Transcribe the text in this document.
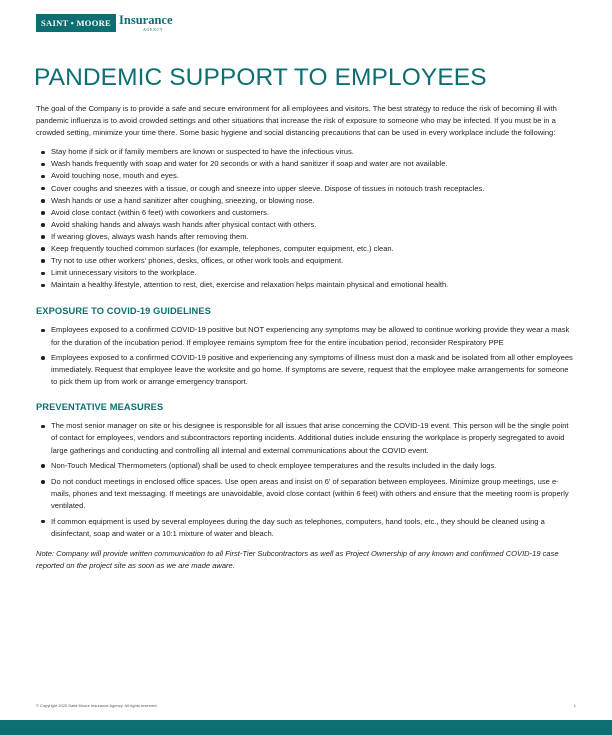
SAINT • MOORE Insurance
AGENCY
PANDEMIC SUPPORT TO EMPLOYEES

The goal of the Company is to provide a safe and secure environment for all employees and visitors. The best strategy to reduce the risk of becoming ill with pandemic influenza is to avoid crowded settings and other situations that increase the risk of exposure to someone who may be infected. If you must be in a crowded setting, minimize your time there. Some basic hygiene and social distancing precautions that can be used in every workplace include the following:

Stay home if sick or if family members are known or suspected to have the infectious virus.
Wash hands frequently with soap and water for 20 seconds or with a hand sanitizer if soap and water are not available.
Avoid touching nose, mouth and eyes.
Cover coughs and sneezes with a tissue, or cough and sneeze into upper sleeve. Dispose of tissues in notouch trash receptacles.
Wash hands or use a hand sanitizer after coughing, sneezing, or blowing nose.
Avoid close contact (within 6 feet) with coworkers and customers.
Avoid shaking hands and always wash hands after physical contact with others.
If wearing gloves, always wash hands after removing them.
Keep frequently touched common surfaces (for example, telephones, computer equipment, etc.) clean.
Try not to use other workers' phones, desks, offices, or other work tools and equipment.
Limit unnecessary visitors to the workplace.
Maintain a healthy lifestyle, attention to rest, diet, exercise and relaxation helps maintain physical and emotional health.
EXPOSURE TO COVID-19 GUIDELINES
Employees exposed to a confirmed COVID-19 positive but NOT experiencing any symptoms may be allowed to continue working provide they wear a mask for the duration of the incubation period. If employee remains symptom free for the entire incubation period, reconsider Respiratory PPE
Employees exposed to a confirmed COVID-19 positive and experiencing any symptoms of illness must don a mask and be isolated from all other employees immediately. Request that employee leave the worksite and go home. If symptoms are severe, request that the employee make arrangements for someone to pick them up from work or arrange emergency transport.
PREVENTATIVE MEASURES
The most senior manager on site or his designee is responsible for all issues that arise concerning the COVID-19 event. This person will be the single point of contact for employees, vendors and subcontractors reporting incidents. Additional duties include ensuring the workplace is properly segregated to avoid large gatherings and conducting and controlling all internal and external communications about the COVID event.
Non-Touch Medical Thermometers (optional) shall be used to check employee temperatures and the results included in the daily logs.
Do not conduct meetings in enclosed office spaces. Use open areas and insist on 6' of separation between employees. Minimize group meetings, use e-mails, phones and text messaging. If meetings are unavoidable, avoid close contact (within 6 feet) with others and ensure that the meeting room is properly ventilated.
If common equipment is used by several employees during the day such as telephones, computers, hand tools, etc., they should be cleaned using a disinfectant, soap and water or a 10:1 mixture of water and bleach.

Note: Company will provide written communication to all First-Tier Subcontractors as well as Project Ownership of any known and confirmed COVID-19 case reported on the project site as soon as we are made aware.

© Copyright 2020 Saint Moore Insurance Agency. All rights reserved.	1
